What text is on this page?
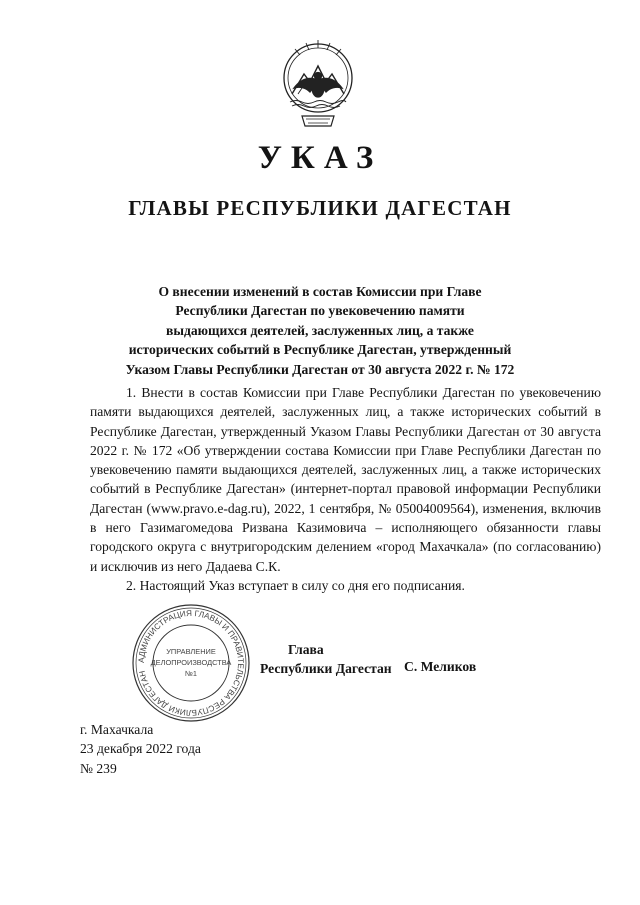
УКАЗ
ГЛАВЫ РЕСПУБЛИКИ ДАГЕСТАН
О внесении изменений в состав Комиссии при Главе
Республики Дагестан по увековечению памяти
выдающихся деятелей, заслуженных лиц, а также
исторических событий в Республике Дагестан, утвержденный
Указом Главы Республики Дагестан от 30 августа 2022 г. № 172

1. Внести в состав Комиссии при Главе Республики Дагестан по увековечению памяти выдающихся деятелей, заслуженных лиц, а также исторических событий в Республике Дагестан, утвержденный Указом Главы Республики Дагестан от 30 августа 2022 г. № 172 «Об утверждении состава Комиссии при Главе Республики Дагестан по увековечению памяти выдающихся деятелей, заслуженных лиц, а также исторических событий в Республике Дагестан» (интернет-портал правовой информации Республики Дагестан (www.pravo.e-dag.ru), 2022, 1 сентября, № 05004009564), изменения, включив в него Газимагомедова Ризвана Казимовича – исполняющего обязанности главы городского округа с внутригородским делением «город Махачкала» (по согласованию) и исключив из него Дадаева С.К.

2. Настоящий Указ вступает в силу со дня его подписания.

АДМИНИСТРАЦИЯ ГЛАВЫ И ПРАВИТЕЛЬСТВА РЕСПУБЛИКИ ДАГЕСТАН
УПРАВЛЕНИЕ
ДЕЛОПРОИЗВОДСТВА
№1
Глава
Республики Дагестан С. Меликов
г. Махачкала
23 декабря 2022 года
№ 239
